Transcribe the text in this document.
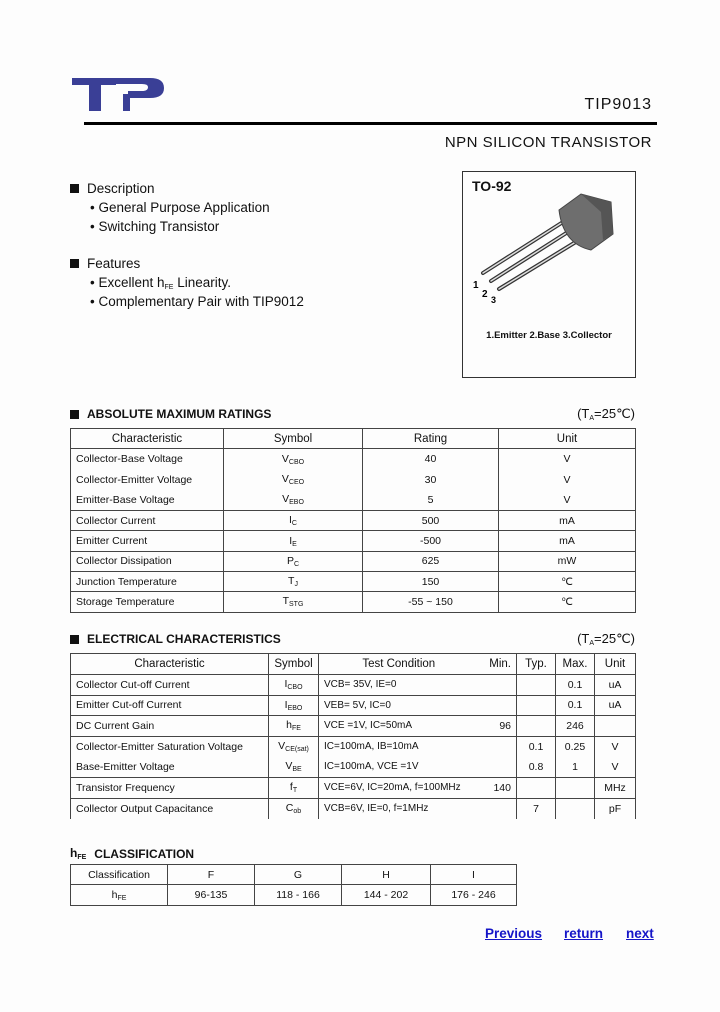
TIP9013
NPN SILICON TRANSISTOR
Description
• General Purpose Application
• Switching Transistor
Features
• Excellent $h_{FE}$ Linearity.
• Complementary Pair with TIP9012
TO-92
1
2 3
1.Emitter 2.Base 3.Collector
ABSOLUTE MAXIMUM RATINGS	$(T_A=25℃)$
Characteristic	Symbol	Rating	Unit
Collector-Base Voltage	$V_{CBO}$	40	V
Collector-Emitter Voltage	$V_{CEO}$	30	V
Emitter-Base Voltage	$V_{EBO}$	5	V
Collector Current	$I_C$	500	mA
Emitter Current	$I_E$	-500	mA
Collector Dissipation	$P_C$	625	mW
Junction Temperature	$T_J$	150	℃
Storage Temperature	$T_{STG}$	-55 ~ 150	℃
ELECTRICAL CHARACTERISTICS	$(T_A=25℃)$
Characteristic	Symbol	Test Condition	Min.	Typ.	Max.	Unit
Collector Cut-off Current	$I_{CBO}$	VCB= 35V, IE=0			0.1	uA
Emitter Cut-off Current	$I_{EBO}$	VEB= 5V, IC=0			0.1	uA
DC Current Gain	$h_{FE}$	VCE =1V, IC=50mA	96		246	
Collector-Emitter Saturation Voltage	$V_{CE(sat)}$	IC=100mA, IB=10mA		0.1	0.25	V
Base-Emitter Voltage	$V_{BE}$	IC=100mA, VCE =1V		0.8	1	V
Transistor Frequency	$f_T$	VCE=6V, IC=20mA, f=100MHz	140			MHz
Collector Output Capacitance	$C_{ob}$	VCB=6V, IE=0, f=1MHz		7		pF
$h_{FE}$ CLASSIFICATION
Classification	F	G	H	I
$h_{FE}$	96-135	118 - 166	144 - 202	176 - 246
Previous return next
